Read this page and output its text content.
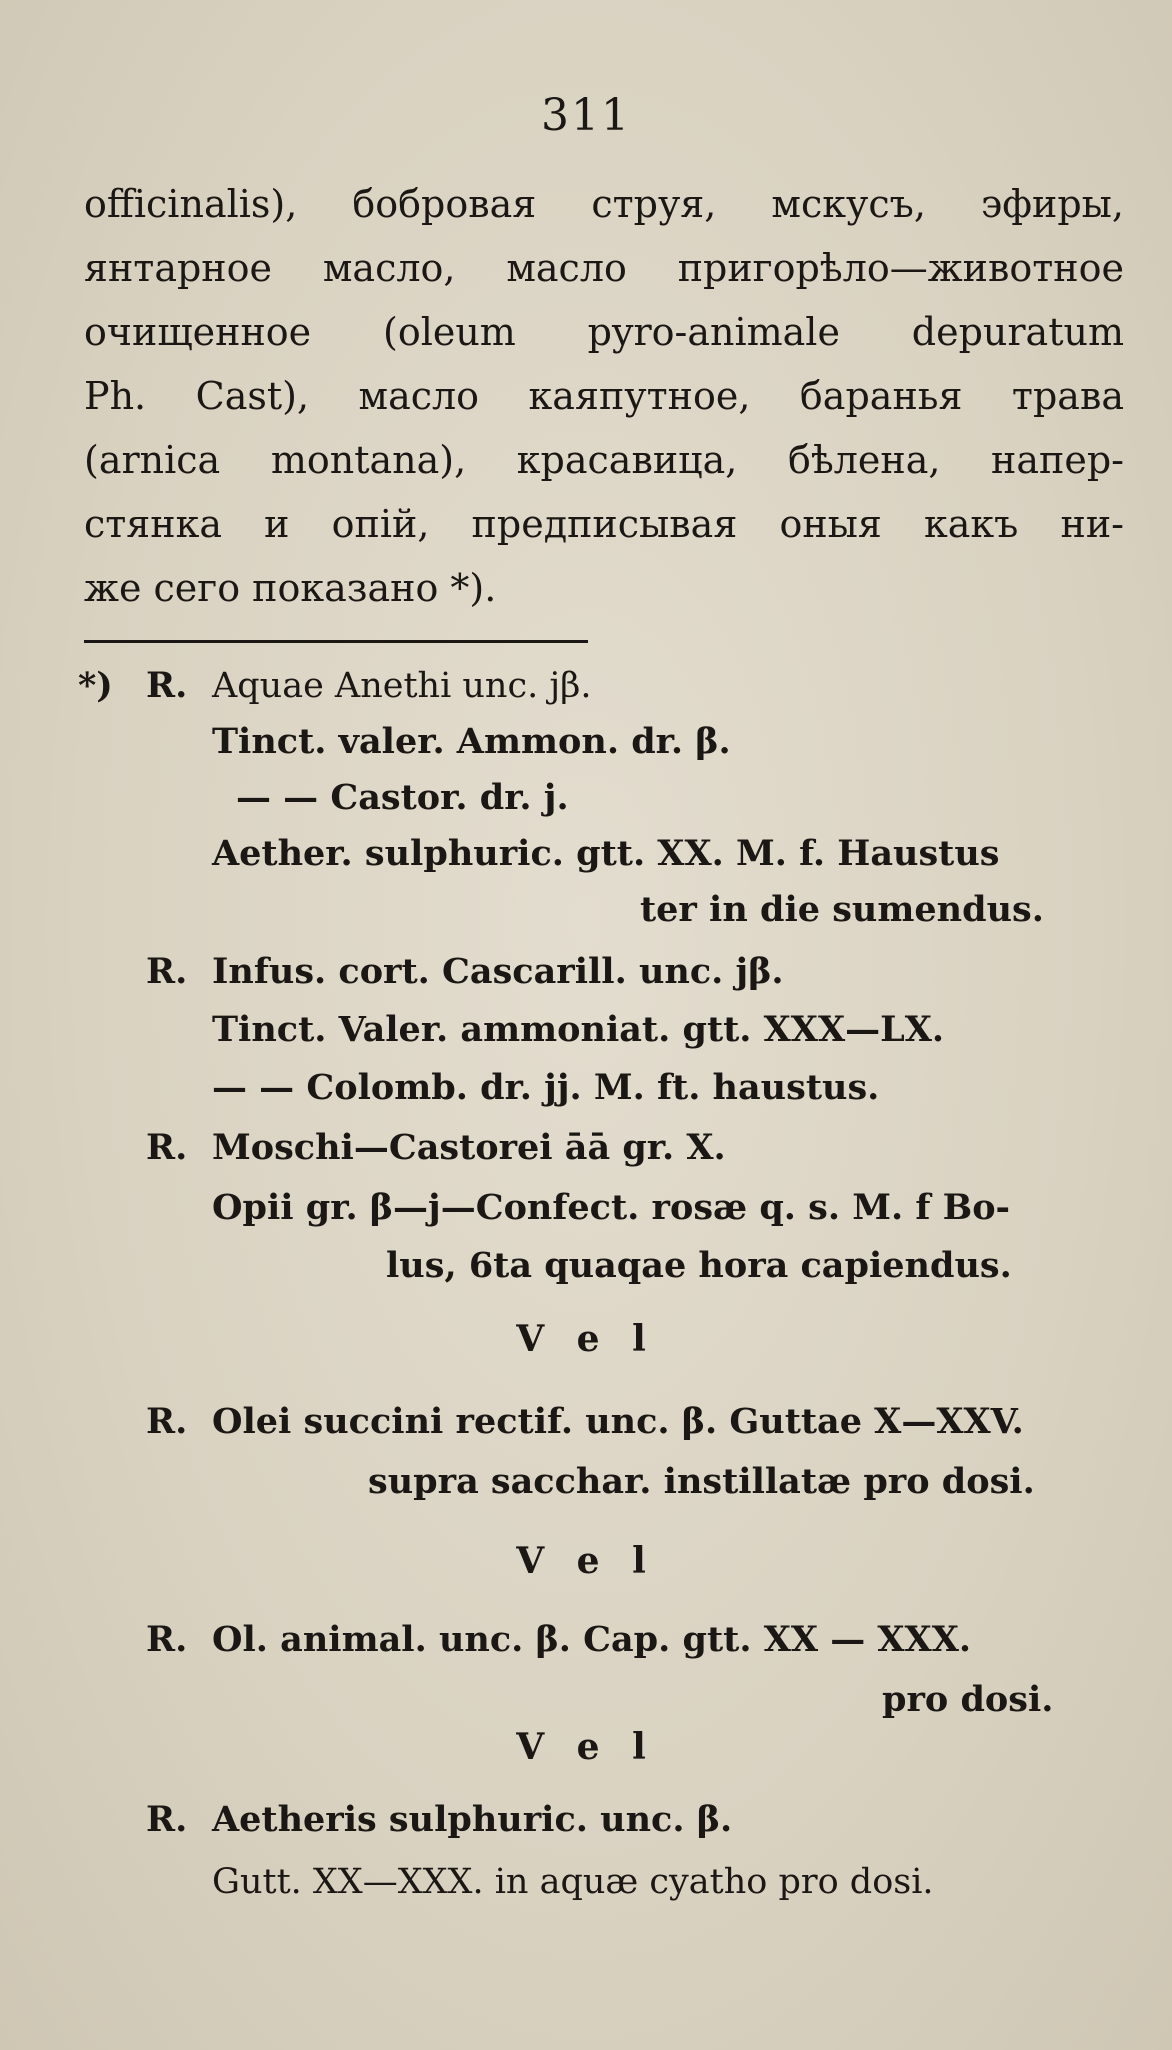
311
officinalis), бобровая струя, мскусъ, эфиры,
янтарное масло, масло пригорѣло—животное
очищенное (oleum pyro-animale depuratum
Ph. Cast), масло каяпутное, баранья трава
(arnica montana), красавица, бѣлена, напер-
стянка и опій, предписывая оныя какъ ни-
же сего показано *).
*) R. Aquae Anethi unc. jβ.
Tinct. valer. Ammon. dr. β.
— — Castor. dr. j.
Aether. sulphuric. gtt. XX. M. f. Haustus
ter in die sumendus.
R. Infus. cort. Cascarill. unc. jβ.
Tinct. Valer. ammoniat. gtt. XXX—LX.
— — Colomb. dr. jj. M. ft. haustus.
R. Moschi—Castorei āā gr. X.
Opii gr. β—j—Confect. rosæ q. s. M. f Bo-
lus, 6ta quaqae hora capiendus.
V e l
R. Olei succini rectif. unc. β. Guttae X—XXV.
supra sacchar. instillatæ pro dosi.
V e l
R. Ol. animal. unc. β. Cap. gtt. XX — XXX.
pro dosi.
V e l
R. Aetheris sulphuric. unc. β.
Gutt. XX—XXX. in aquæ cyatho pro dosi.
